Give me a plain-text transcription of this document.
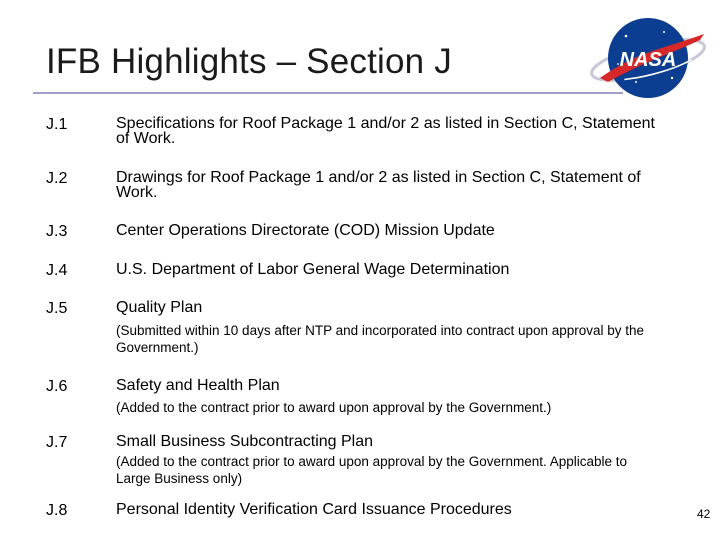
IFB Highlights – Section J	NASA
J.1	Specifications for Roof Package 1 and/or 2 as listed in Section C, Statement of Work.
J.2	Drawings for Roof Package 1 and/or 2 as listed in Section C, Statement of Work.
J.3	Center Operations Directorate (COD) Mission Update
J.4	U.S. Department of Labor General Wage Determination
J.5	Quality Plan
(Submitted within 10 days after NTP and incorporated into contract upon approval by the Government.)
J.6	Safety and Health Plan
(Added to the contract prior to award upon approval by the Government.)
J.7	Small Business Subcontracting Plan
(Added to the contract prior to award upon approval by the Government. Applicable to Large Business only)
J.8	Personal Identity Verification Card Issuance Procedures	42
